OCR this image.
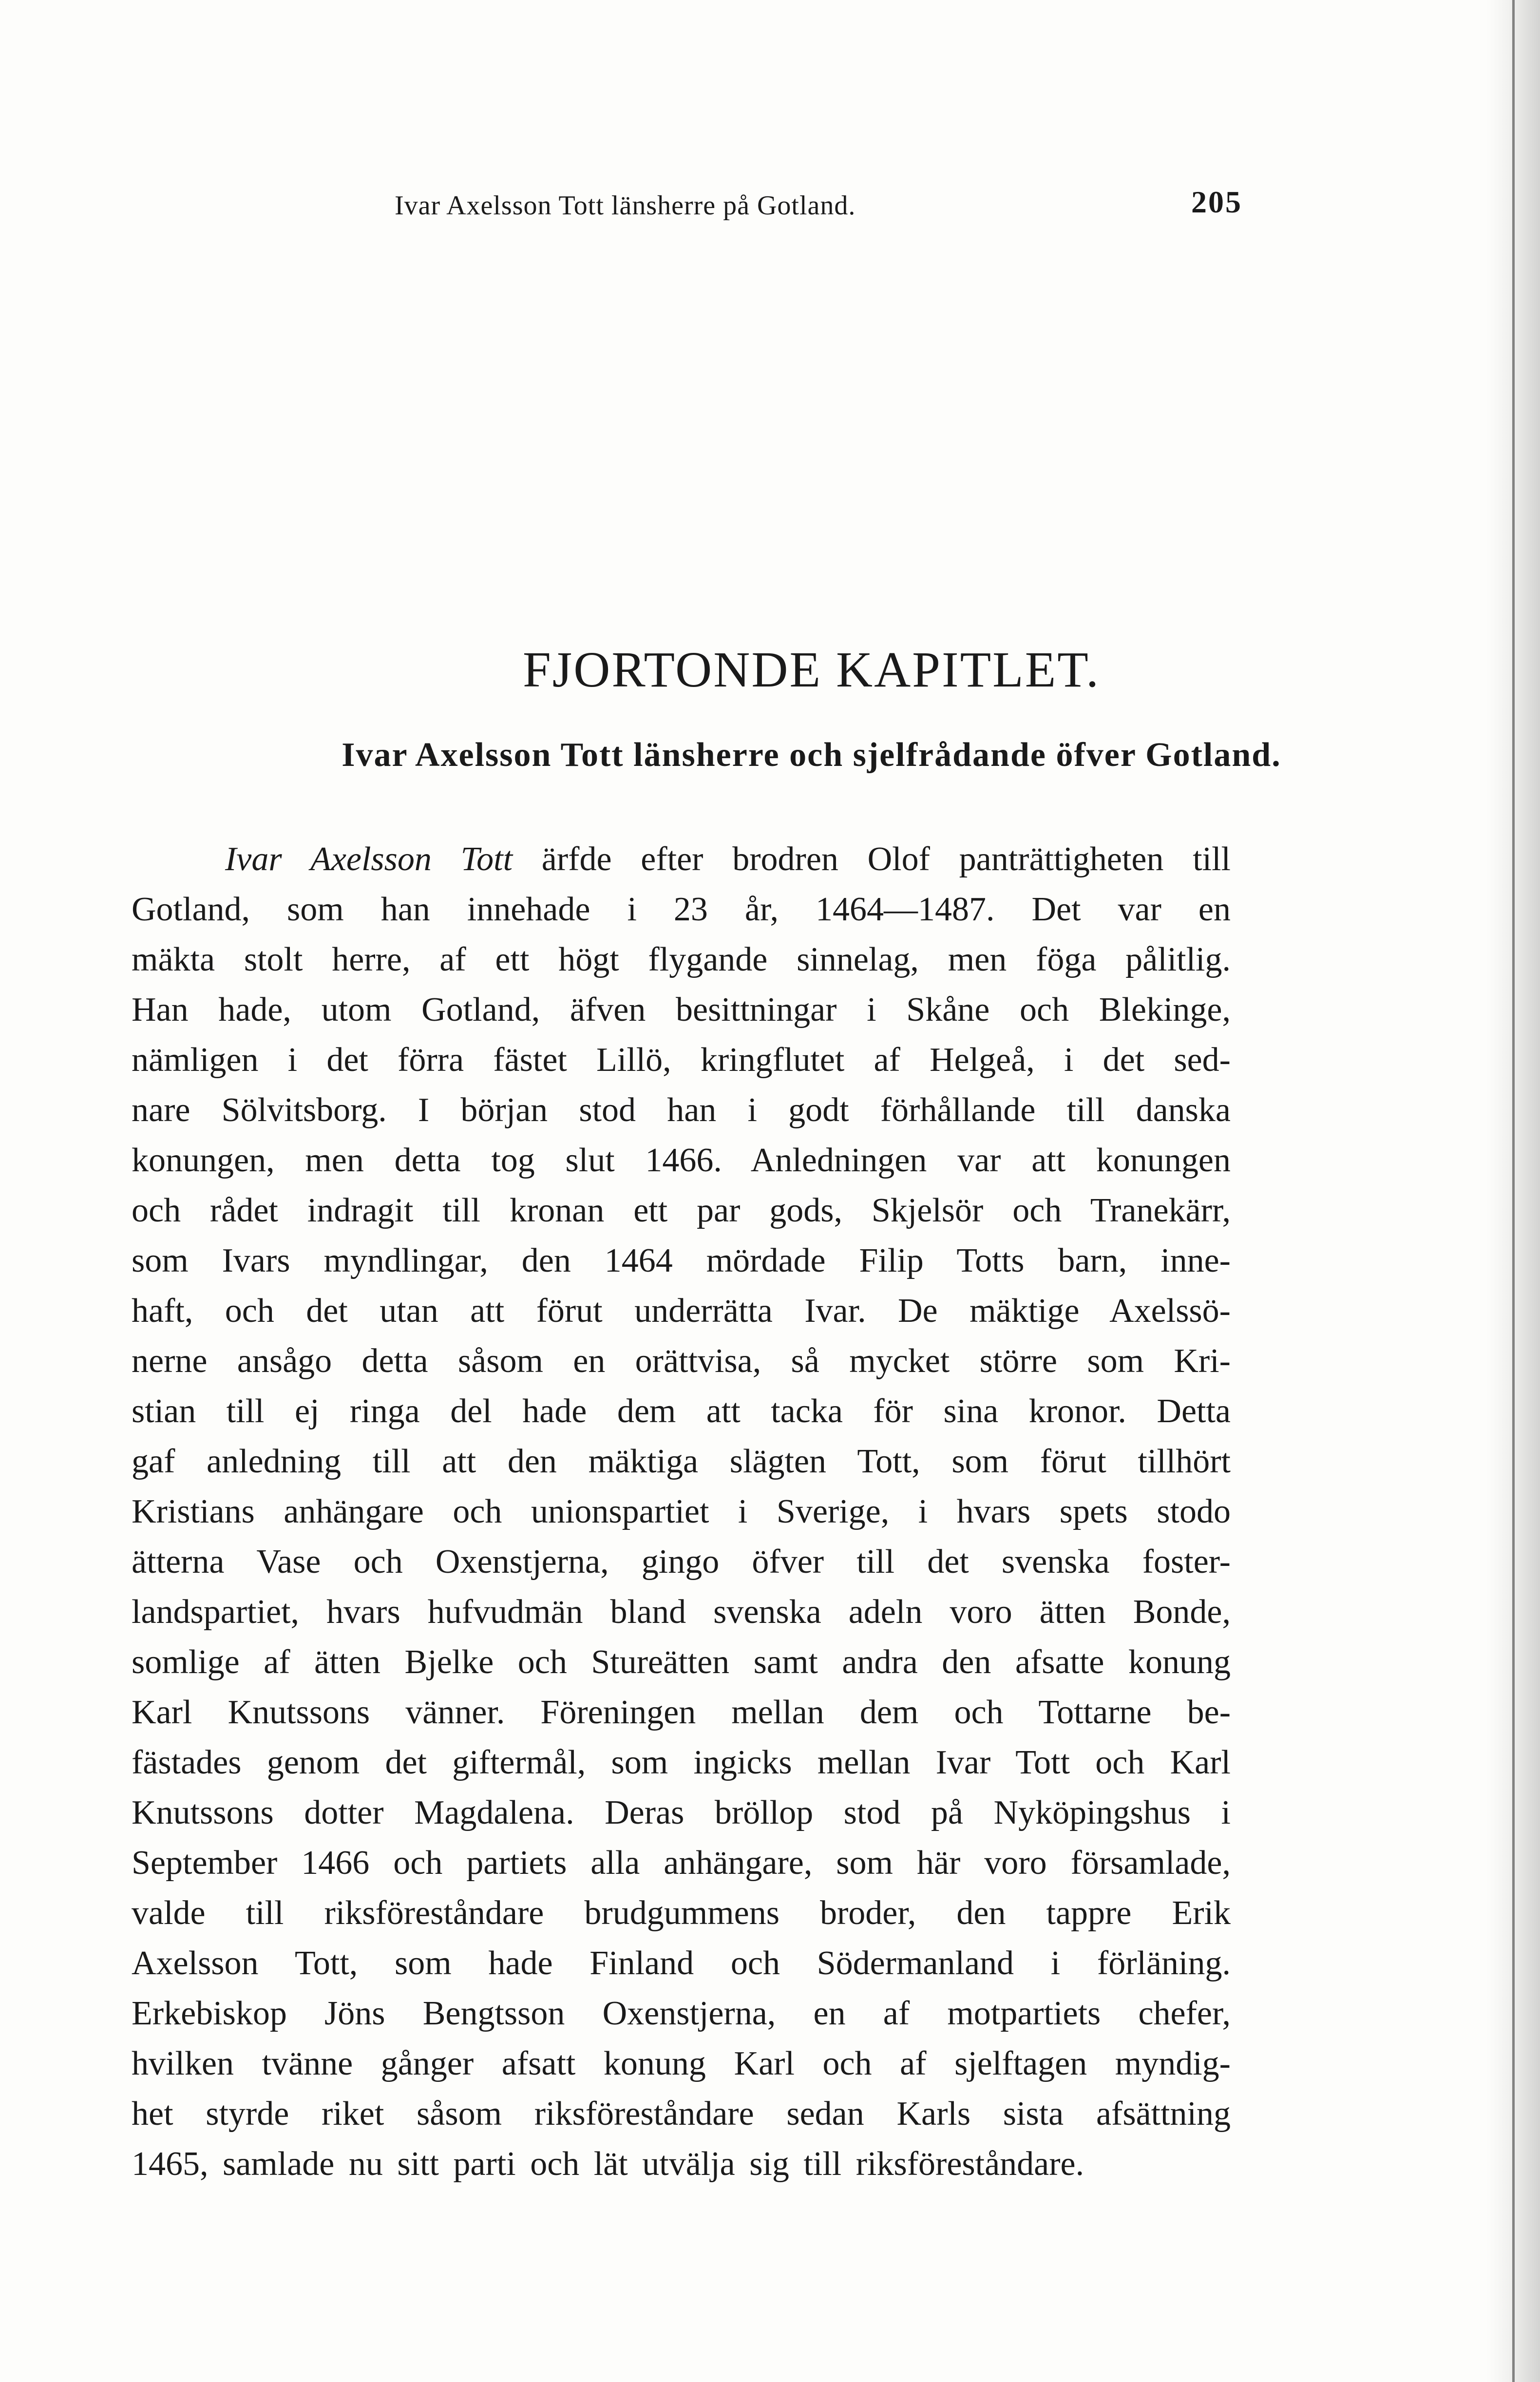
Ivar Axelsson Tott länsherre på Gotland.	205
FJORTONDE KAPITLET.
Ivar Axelsson Tott länsherre och sjelfrådande öfver Gotland.
Ivar Axelsson Tott ärfde efter brodren Olof panträttigheten till
Gotland, som han innehade i 23 år, 1464—1487. Det var en
mäkta stolt herre, af ett högt flygande sinnelag, men föga pålitlig.
Han hade, utom Gotland, äfven besittningar i Skåne och Blekinge,
nämligen i det förra fästet Lillö, kringflutet af Helgeå, i det sed-
nare Sölvitsborg. I början stod han i godt förhållande till danska
konungen, men detta tog slut 1466. Anledningen var att konungen
och rådet indragit till kronan ett par gods, Skjelsör och Tranekärr,
som Ivars myndlingar, den 1464 mördade Filip Totts barn, inne-
haft, och det utan att förut underrätta Ivar. De mäktige Axelssö-
nerne ansågo detta såsom en orättvisa, så mycket större som Kri-
stian till ej ringa del hade dem att tacka för sina kronor. Detta
gaf anledning till att den mäktiga slägten Tott, som förut tillhört
Kristians anhängare och unionspartiet i Sverige, i hvars spets stodo
ätterna Vase och Oxenstjerna, gingo öfver till det svenska foster-
landspartiet, hvars hufvudmän bland svenska adeln voro ätten Bonde,
somlige af ätten Bjelke och Stureätten samt andra den afsatte konung
Karl Knutssons vänner. Föreningen mellan dem och Tottarne be-
fästades genom det giftermål, som ingicks mellan Ivar Tott och Karl
Knutssons dotter Magdalena. Deras bröllop stod på Nyköpingshus i
September 1466 och partiets alla anhängare, som här voro församlade,
valde till riksföreståndare brudgummens broder, den tappre Erik
Axelsson Tott, som hade Finland och Södermanland i förläning.
Erkebiskop Jöns Bengtsson Oxenstjerna, en af motpartiets chefer,
hvilken tvänne gånger afsatt konung Karl och af sjelftagen myndig-
het styrde riket såsom riksföreståndare sedan Karls sista afsättning
1465, samlade nu sitt parti och lät utvälja sig till riksföreståndare.
